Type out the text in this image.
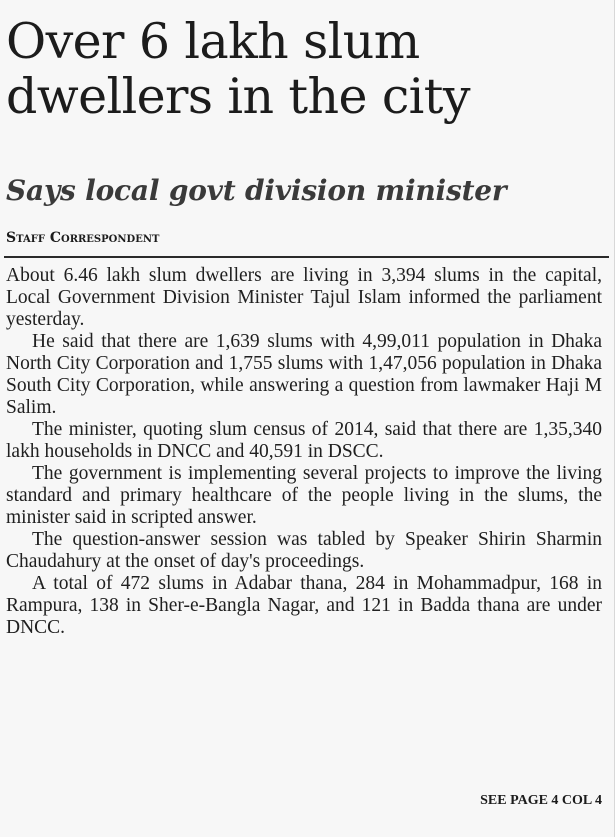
Over 6 lakh slum dwellers in the city
Says local govt division minister
Staff Correspondent

About 6.46 lakh slum dwellers are living in 3,394 slums in the capital, Local Government Division Minister Tajul Islam informed the parliament yesterday.

He said that there are 1,639 slums with 4,99,011 population in Dhaka North City Corporation and 1,755 slums with 1,47,056 population in Dhaka South City Corporation, while answering a question from lawmaker Haji M Salim.

The minister, quoting slum census of 2014, said that there are 1,35,340 lakh households in DNCC and 40,591 in DSCC.

The government is implementing several projects to improve the living standard and primary healthcare of the people living in the slums, the minister said in scripted answer.

The question-answer session was tabled by Speaker Shirin Sharmin Chaudahury at the onset of day's proceedings.

A total of 472 slums in Adabar thana, 284 in Mohammadpur, 168 in Rampura, 138 in Sher-e-Bangla Nagar, and 121 in Badda thana are under DNCC.

SEE PAGE 4 COL 4
